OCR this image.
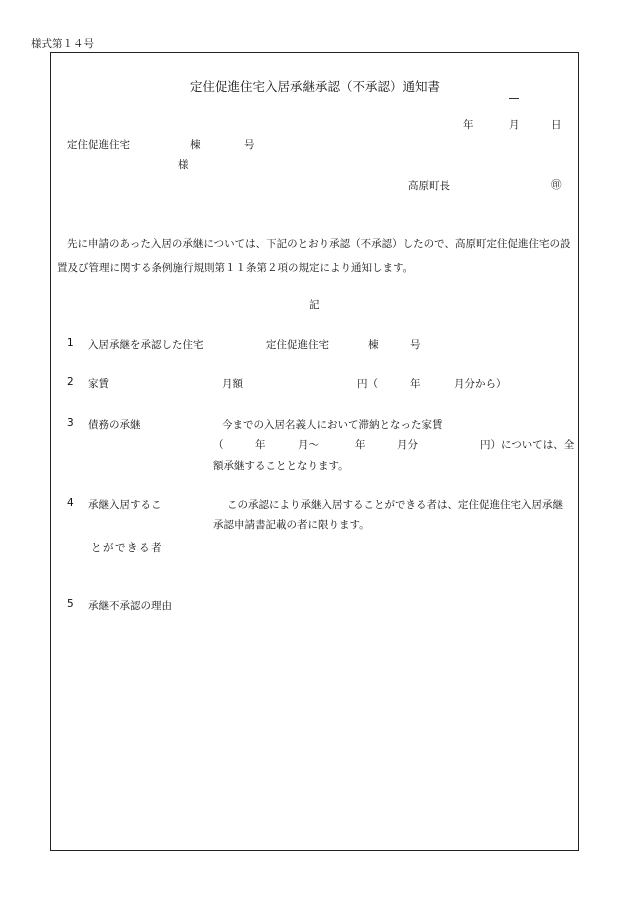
様式第１４号
定住促進住宅入居承継承認（不承認）通知書
年	月	日
定住促進住宅	棟	号
様
高原町長	㊞
先に申請のあった入居の承継については、下記のとおり承認（不承認）したので、高原町定住促進住宅の設置及び管理に関する条例施行規則第１１条第２項の規定により通知します。
記
1 入居承継を承認した住宅	定住促進住宅	棟	号
2 家賃	月額	円（	年	月分から）
3 債務の承継	今までの入居名義人において滞納となった家賃
（	年	月～	年	月分	円）については、全
額承継することとなります。
4 承継入居するこ	この承認により承継入居することができる者は、定住促進住宅入居承継
承認申請書記載の者に限ります。
とができる者
5 承継不承認の理由
